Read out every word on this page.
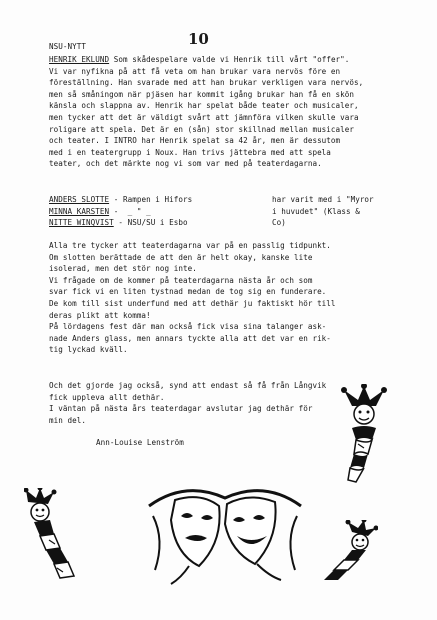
10
NSU-NYTT
HENRIK EKLUND Som skådespelare valde vi Henrik till vårt "offer".
Vi var nyfikna på att få veta om han brukar vara nervös före en
föreställning. Han svarade med att han brukar verkligen vara nervös,
men så småningom när pjäsen har kommit igång brukar han få en skön
känsla och slappna av. Henrik har spelat både teater och musicaler,
men tycker att det är väldigt svårt att jämnföra vilken skulle vara
roligare att spela. Det är en (sån) stor skillnad mellan musicaler
och teater. I INTRO har Henrik spelat sa 42 år, men är dessutom
med i en teatergrupp i Noux. Han trivs jättebra med att spela
teater, och det märkte nog vi som var med på teaterdagarna.
ANDERS SLOTTE - Rampen i Hifors
MINNA KARSTEN -  _ " _
NITTE WINQVIST - NSU/SU i Esbo
har varit med i "Myror
i huvudet" (Klass &
Co)
Alla tre tycker att teaterdagarna var på en passlig tidpunkt.
Om slotten berättade de att den är helt okay, kanske lite
isolerad, men det stör nog inte.
Vi frågade om de kommer på teaterdagarna nästa år och som
svar fick vi en liten tystnad medan de tog sig en funderare.
De kom till sist underfund med att dethär ju faktiskt hör till
deras plikt att komma!
På lördagens fest där man också fick visa sina talanger ask-
nade Anders glass, men annars tyckte alla att det var en rik-
tig lyckad kväll.
Och det gjorde jag också, synd att endast så få från Långvik
fick uppleva allt dethär.
I väntan på nästa års teaterdagar avslutar jag dethär för
min del.
Ann-Louise Lenström
